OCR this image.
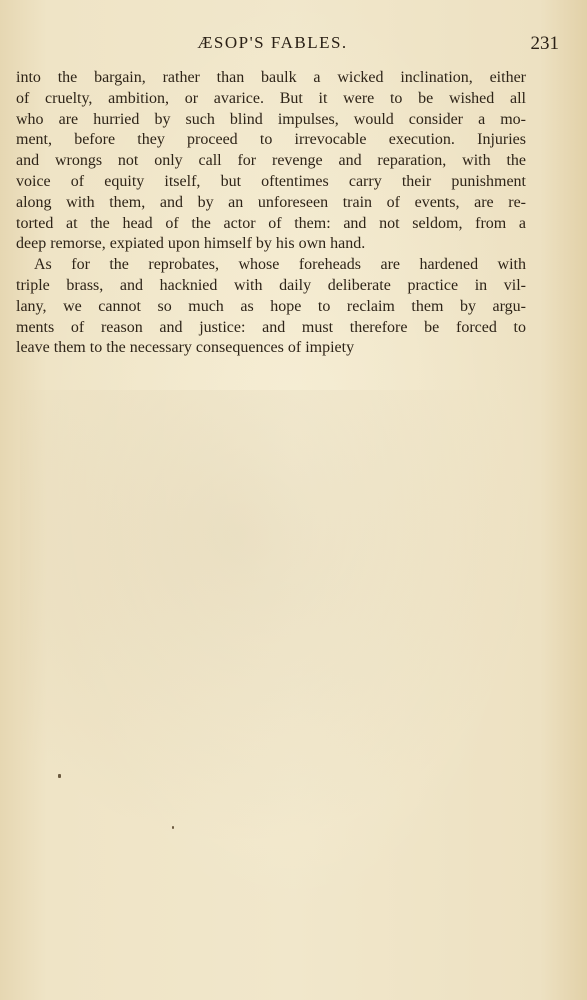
ÆSOP'S FABLES.	231
into the bargain, rather than baulk a wicked inclination, either
of cruelty, ambition, or avarice. But it were to be wished all
who are hurried by such blind impulses, would consider a mo-
ment, before they proceed to irrevocable execution. Injuries
and wrongs not only call for revenge and reparation, with the
voice of equity itself, but oftentimes carry their punishment
along with them, and by an unforeseen train of events, are re-
torted at the head of the actor of them: and not seldom, from a
deep remorse, expiated upon himself by his own hand.
As for the reprobates, whose foreheads are hardened with
triple brass, and hacknied with daily deliberate practice in vil-
lany, we cannot so much as hope to reclaim them by argu-
ments of reason and justice: and must therefore be forced to
leave them to the necessary consequences of impiety
